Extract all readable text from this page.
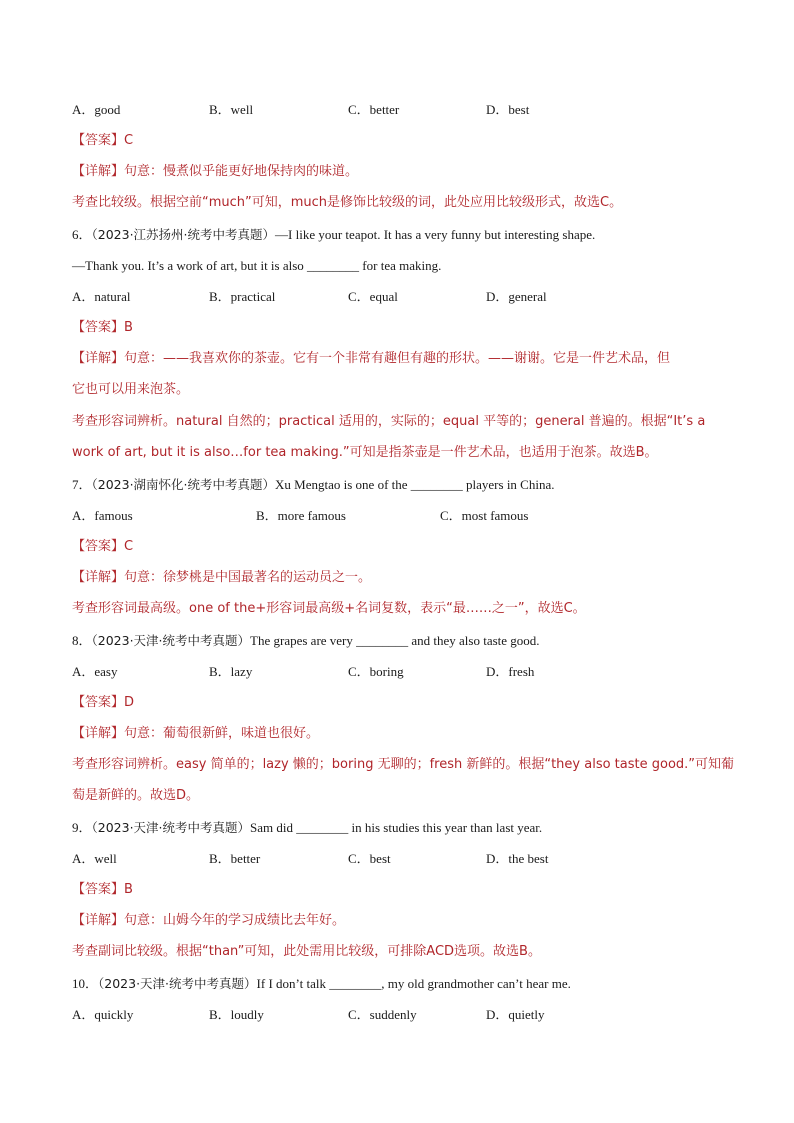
A．good	B．well	C．better	D．best
【答案】C
【详解】句意：慢煮似乎能更好地保持肉的味道。
考查比较级。根据空前“much”可知，much是修饰比较级的词，此处应用比较级形式，故选C。
6．（2023·江苏扬州·统考中考真题）—I like your teapot. It has a very funny but interesting shape.
—Thank you. It’s a work of art, but it is also ________ for tea making.
A．natural	B．practical	C．equal	D．general
【答案】B
【详解】句意：——我喜欢你的茶壶。它有一个非常有趣但有趣的形状。——谢谢。它是一件艺术品，但
它也可以用来泡茶。
考查形容词辨析。natural 自然的；practical 适用的，实际的；equal 平等的；general 普遍的。根据“It’s a
work of art, but it is also…for tea making.”可知是指茶壶是一件艺术品，也适用于泡茶。故选B。
7．（2023·湖南怀化·统考中考真题）Xu Mengtao is one of the ________ players in China.
A．famous	B．more famous	C．most famous
【答案】C
【详解】句意：徐梦桃是中国最著名的运动员之一。
考查形容词最高级。one of the+形容词最高级+名词复数，表示“最……之一”，故选C。
8．（2023·天津·统考中考真题）The grapes are very ________ and they also taste good.
A．easy	B．lazy	C．boring	D．fresh
【答案】D
【详解】句意：葡萄很新鲜，味道也很好。
考查形容词辨析。easy 简单的；lazy 懒的；boring 无聊的；fresh 新鲜的。根据“they also taste good.”可知葡
萄是新鲜的。故选D。
9．（2023·天津·统考中考真题）Sam did ________ in his studies this year than last year.
A．well	B．better	C．best	D．the best
【答案】B
【详解】句意：山姆今年的学习成绩比去年好。
考查副词比较级。根据“than”可知，此处需用比较级，可排除ACD选项。故选B。
10．（2023·天津·统考中考真题）If I don’t talk ________, my old grandmother can’t hear me.
A．quickly	B．loudly	C．suddenly	D．quietly
